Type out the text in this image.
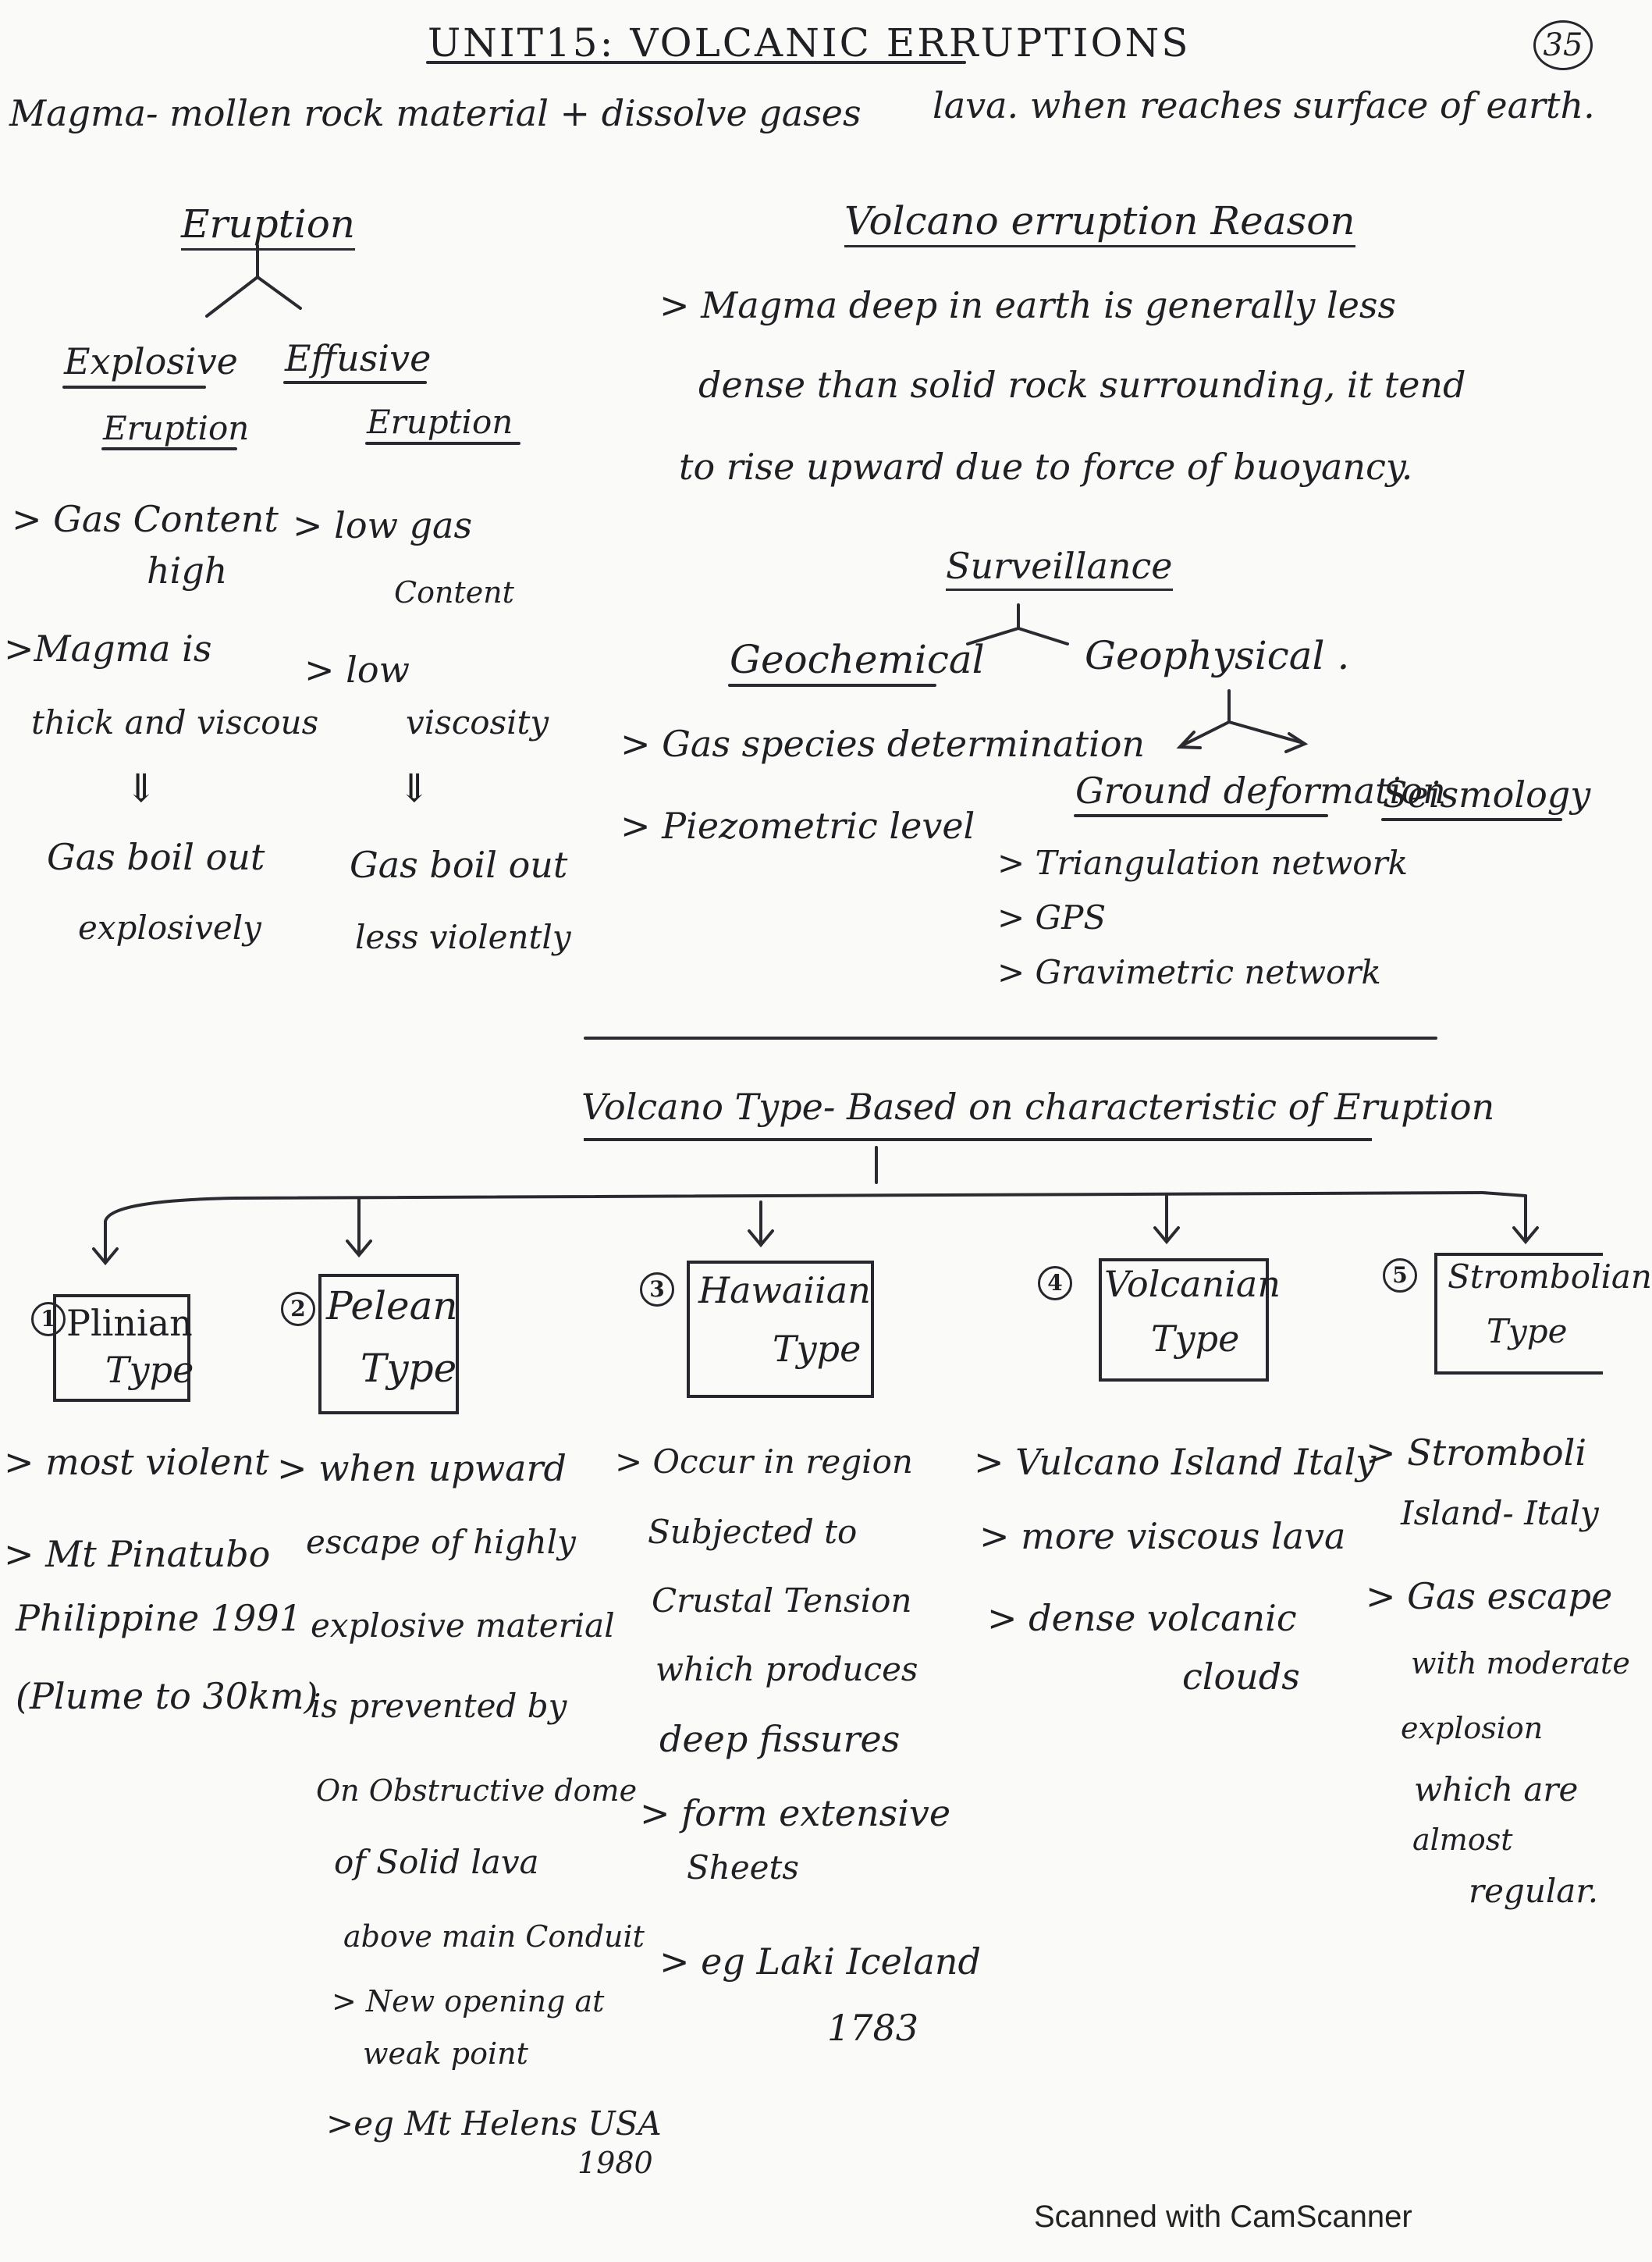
35
UNIT15: VOLCANIC ERRUPTIONS
Magma- mollen rock material + dissolve gases lava. when reaches surface of earth.
Eruption
Explosive
Eruption
> Gas Content
high
>Magma is
thick and viscous
⇓
Gas boil out
explosively
Effusive
Eruption
> low gas
Content
> low
viscosity
⇓
Gas boil out
less violently
Volcano erruption Reason
> Magma deep in earth is generally less
dense than solid rock surrounding, it tend
to rise upward due to force of buoyancy.
Surveillance
Geochemical
> Gas species determination
> Piezometric level
Geophysical .
Ground deformation
Seismology
> Triangulation network
> GPS
> Gravimetric network
Volcano Type- Based on characteristic of Eruption
1 Plinian
Type
> most violent
> Mt Pinatubo
Philippine 1991
(Plume to 30km)
2 Pelean
Type
> when upward
escape of highly
explosive material
is prevented by
On Obstructive dome
of Solid lava
above main Conduit
> New opening at
weak point
>eg Mt Helens USA
1980
3 Hawaiian
Type
> Occur in region
Subjected to
Crustal Tension
which produces
deep fissures
> form extensive
Sheets
> eg Laki Iceland
1783
4 Volcanian
Type
> Vulcano Island Italy
> more viscous lava
> dense volcanic
clouds
5 Strombolian
Type
> Stromboli
Island- Italy
> Gas escape
with moderate
explosion
which are
almost
regular.
Scanned with CamScanner
